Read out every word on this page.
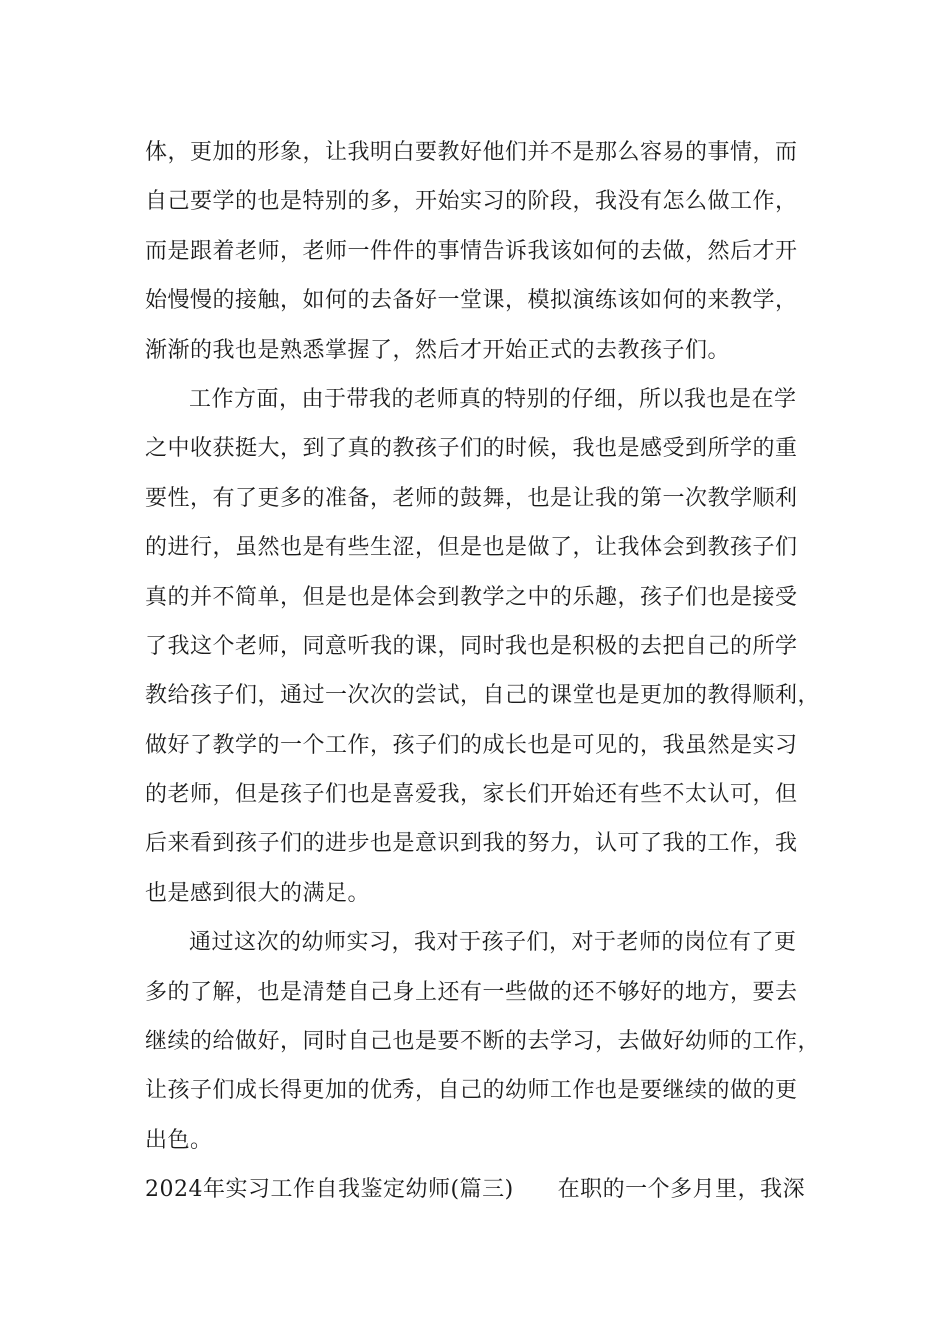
体，更加的形象，让我明白要教好他们并不是那么容易的事情，而
自己要学的也是特别的多，开始实习的阶段，我没有怎么做工作，
而是跟着老师，老师一件件的事情告诉我该如何的去做，然后才开
始慢慢的接触，如何的去备好一堂课，模拟演练该如何的来教学，
渐渐的我也是熟悉掌握了，然后才开始正式的去教孩子们。
工作方面，由于带我的老师真的特别的仔细，所以我也是在学
之中收获挺大，到了真的教孩子们的时候，我也是感受到所学的重
要性，有了更多的准备，老师的鼓舞，也是让我的第一次教学顺利
的进行，虽然也是有些生涩，但是也是做了，让我体会到教孩子们
真的并不简单，但是也是体会到教学之中的乐趣，孩子们也是接受
了我这个老师，同意听我的课，同时我也是积极的去把自己的所学
教给孩子们，通过一次次的尝试，自己的课堂也是更加的教得顺利，
做好了教学的一个工作，孩子们的成长也是可见的，我虽然是实习
的老师，但是孩子们也是喜爱我，家长们开始还有些不太认可，但
后来看到孩子们的进步也是意识到我的努力，认可了我的工作，我
也是感到很大的满足。
通过这次的幼师实习，我对于孩子们，对于老师的岗位有了更
多的了解，也是清楚自己身上还有一些做的还不够好的地方，要去
继续的给做好，同时自己也是要不断的去学习，去做好幼师的工作，
让孩子们成长得更加的优秀，自己的幼师工作也是要继续的做的更
出色。
2024年实习工作自我鉴定幼师(篇三) 在职的一个多月里，我深
